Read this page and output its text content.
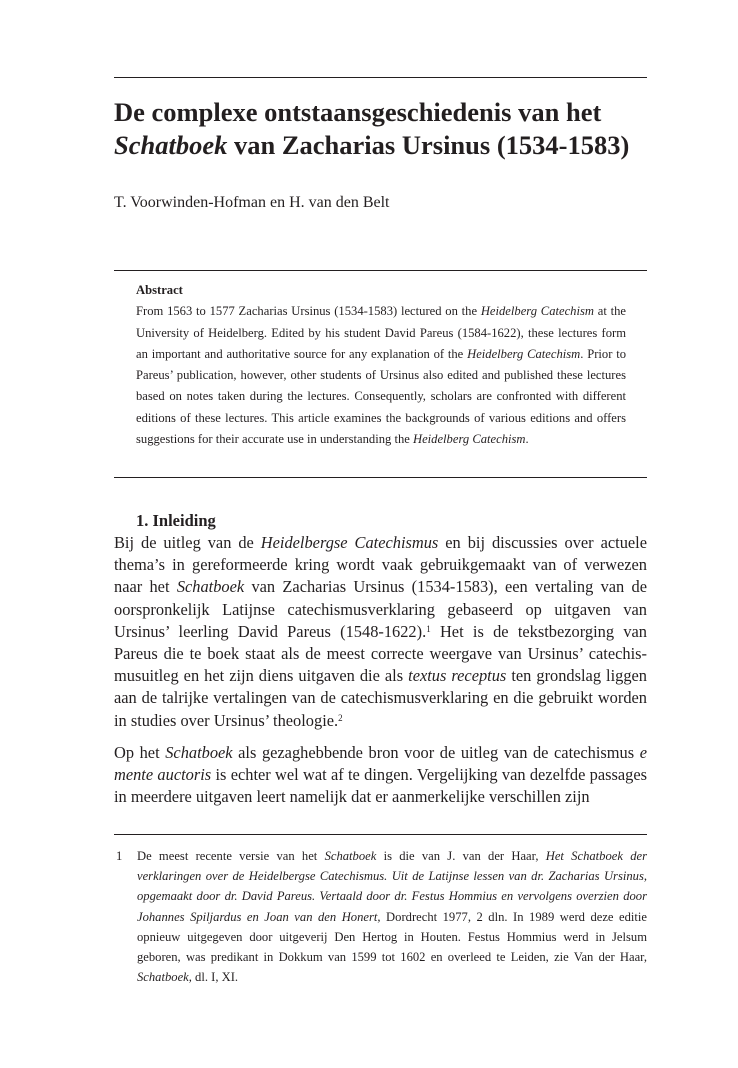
De complexe ontstaansgeschiedenis van het
Schatboek van Zacharias Ursinus (1534-1583)
T. Voorwinden-Hofman en H. van den Belt
Abstract

From 1563 to 1577 Zacharias Ursinus (1534-1583) lectured on the Heidelberg Catechism at the University of Heidelberg. Edited by his student David Pareus (1584-1622), these lectures form an important and authoritative source for any explanation of the Heidelberg Catechism. Prior to Pareus’ publication, however, other students of Ursinus also edited and published these lectures based on notes taken during the lectures. Consequently, scholars are confronted with different editions of these lectures. This article examines the backgrounds of various editions and offers suggestions for their accurate use in understanding the Heidelberg Catechism.

1. Inleiding

Bij de uitleg van de Heidelbergse Catechismus en bij discussies over actuele thema’s in gereformeerde kring wordt vaak gebruikgemaakt van of verwezen naar het Schatboek van Zacharias Ursinus (1534-1583), een vertaling van de oorspronkelijk Latijnse catechismusverklaring gebaseerd op uitgaven van Ursinus’ leerling David Pareus (1548-1622).$^1$ Het is de tekstbezorging van Pareus die te boek staat als de meest correcte weergave van Ursinus’ catechismusuitleg en het zijn diens uitgaven die als textus receptus ten grondslag liggen aan de talrijke vertalingen van de catechismusverklaring en die gebruikt worden in studies over Ursinus’ theologie.$^2$

Op het Schatboek als gezaghebbende bron voor de uitleg van de catechismus e mente auctoris is echter wel wat af te dingen. Vergelijking van dezelfde passages in meerdere uitgaven leert namelijk dat er aanmerkelijke verschillen zijn

1 De meest recente versie van het Schatboek is die van J. van der Haar, Het Schatboek der verklaringen over de Heidelbergse Catechismus. Uit de Latijnse lessen van dr. Zacharias Ursinus, opgemaakt door dr. David Pareus. Vertaald door dr. Festus Hommius en vervolgens overzien door Johannes Spiljardus en Joan van den Honert, Dordrecht 1977, 2 dln. In 1989 werd deze editie opnieuw uitgegeven door uitgeverij Den Hertog in Houten. Festus Hommius werd in Jelsum geboren, was predikant in Dokkum van 1599 tot 1602 en overleed te Leiden, zie Van der Haar, Schatboek, dl. I, XI.
